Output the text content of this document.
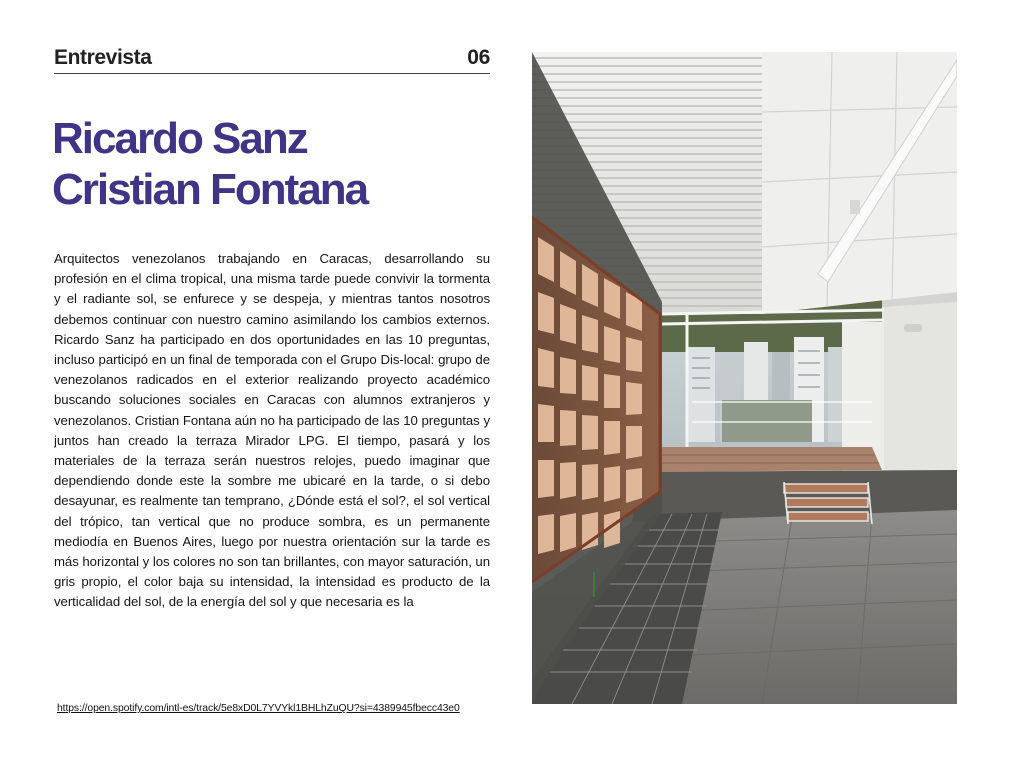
Entrevista	06
Ricardo Sanz
Cristian Fontana

Arquitectos venezolanos trabajando en Caracas, desarrollando su profesión en el clima tropical, una misma tarde puede convivir la tormenta y el radiante sol, se enfurece y se despeja, y mientras tantos nosotros debemos continuar con nuestro camino asimilando los cambios externos. Ricardo Sanz ha participado en dos oportunidades en las 10 preguntas, incluso participó en un final de temporada con el Grupo Dis-local: grupo de venezolanos radicados en el exterior realizando proyecto académico buscando soluciones sociales en Caracas con alumnos extranjeros y venezolanos. Cristian Fontana aún no ha participado de las 10 preguntas y juntos han creado la terraza Mirador LPG. El tiempo, pasará y los materiales de la terraza serán nuestros relojes, puedo imaginar que dependiendo donde este la sombre me ubicaré en la tarde, o si debo desayunar, es realmente tan temprano, ¿Dónde está el sol?, el sol vertical del trópico, tan vertical que no produce sombra, es un permanente mediodía en Buenos Aires, luego por nuestra orientación sur la tarde es más horizontal y los colores no son tan brillantes, con mayor saturación, un gris propio, el color baja su intensidad, la intensidad es producto de la verticalidad del sol, de la energía del sol y que necesaria es la

https://open.spotify.com/intl-es/track/5e8xD0L7YVYkl1BHLhZuQU?si=4389945fbecc43e0
